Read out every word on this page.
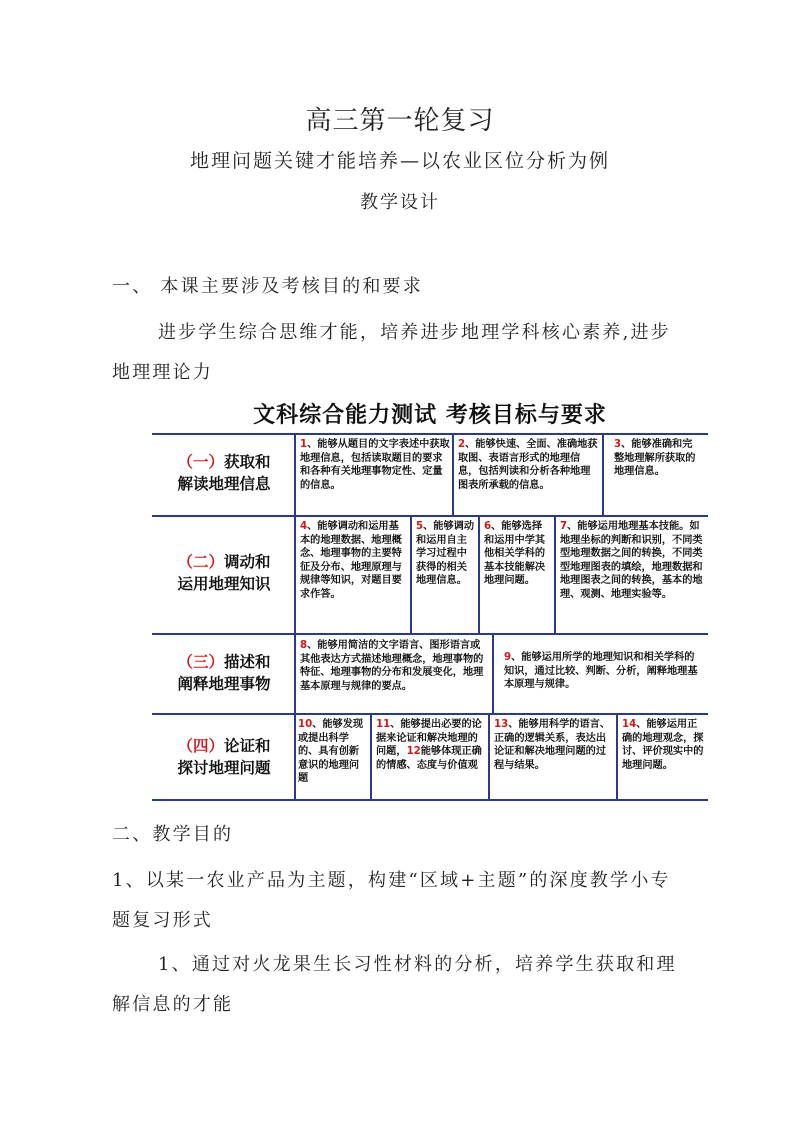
高三第一轮复习
地理问题关键才能培养—以农业区位分析为例
教学设计
一、 本课主要涉及考核目的和要求
进步学生综合思维才能，培养进步地理学科核心素养,进步
地理理论力
文科综合能力测试 考核目标与要求
（一）获取和
解读地理信息
（二）调动和
运用地理知识
（三）描述和
阐释地理事物
（四）论证和
探讨地理问题
1、能够从题目的文字表述中获取地理信息，包括读取题目的要求和各种有关地理事物定性、定量的信息。
2、能够快速、全面、准确地获取图、表语言形式的地理信息，包括判读和分析各种地理图表所承载的信息。
3、能够准确和完整地理解所获取的地理信息。
4、能够调动和运用基本的地理数据、地理概念、地理事物的主要特征及分布、地理原理与规律等知识，对题目要求作答。
5、能够调动和运用自主学习过程中获得的相关地理信息。
6、能够选择和运用中学其他相关学科的基本技能解决地理问题。
7、能够运用地理基本技能。如地理坐标的判断和识别，不同类型地理数据之间的转换，不同类型地理图表的填绘，地理数据和地理图表之间的转换，基本的地理、观测、地理实验等。
8、能够用简洁的文字语言、图形语言或其他表达方式描述地理概念，地理事物的特征、地理事物的分布和发展变化，地理基本原理与规律的要点。
9、能够运用所学的地理知识和相关学科的知识，通过比较、判断、分析，阐释地理基本原理与规律。
10、能够发现或提出科学的、具有创新意识的地理问题
11、能够提出必要的论据来论证和解决地理的问题，12能够体现正确的情感、态度与价值观
13、能够用科学的语言、正确的逻辑关系，表达出论证和解决地理问题的过程与结果。
14、能够运用正确的地理观念，探讨、评价现实中的地理问题。
二、教学目的
1、以某一农业产品为主题，构建“区域+主题”的深度教学小专
题复习形式
1、通过对火龙果生长习性材料的分析，培养学生获取和理
解信息的才能
